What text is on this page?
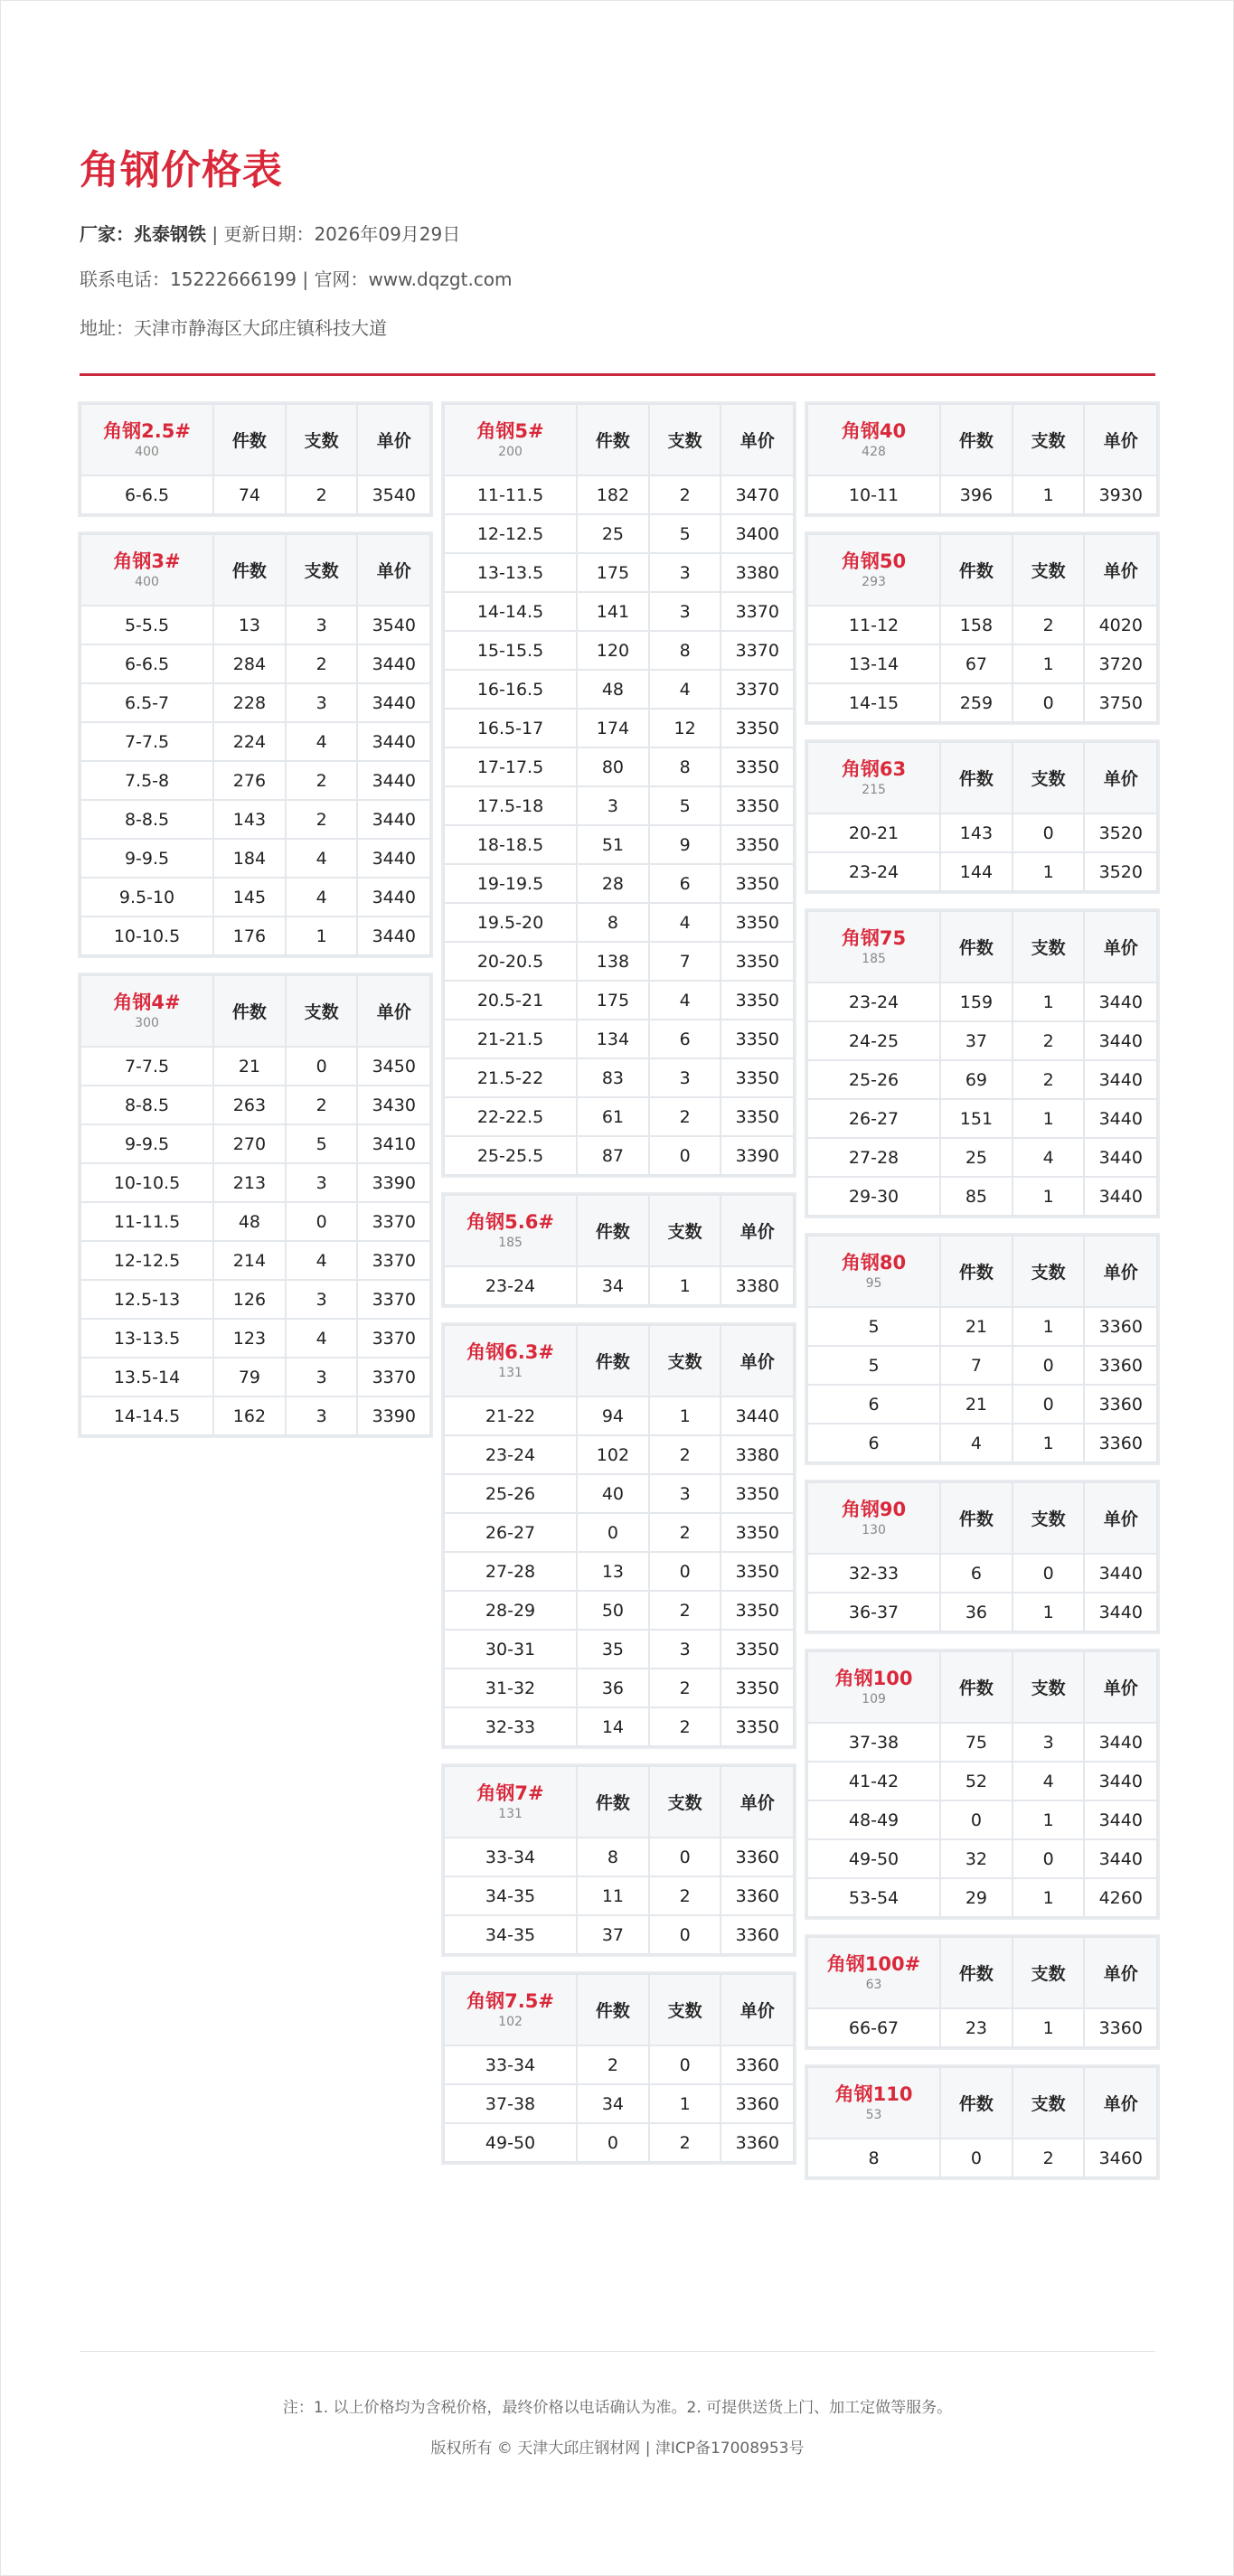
角钢价格表
厂家：兆泰钢铁 | 更新日期：2026年09月29日
联系电话：15222666199 | 官网：www.dqzgt.com
地址：天津市静海区大邱庄镇科技大道
角钢2.5#
400	件数	支数	单价
6-6.5	74	2	3540
角钢3#
400	件数	支数	单价
5-5.5	13	3	3540
6-6.5	284	2	3440
6.5-7	228	3	3440
7-7.5	224	4	3440
7.5-8	276	2	3440
8-8.5	143	2	3440
9-9.5	184	4	3440
9.5-10	145	4	3440
10-10.5	176	1	3440
角钢4#
300	件数	支数	单价
7-7.5	21	0	3450
8-8.5	263	2	3430
9-9.5	270	5	3410
10-10.5	213	3	3390
11-11.5	48	0	3370
12-12.5	214	4	3370
12.5-13	126	3	3370
13-13.5	123	4	3370
13.5-14	79	3	3370
14-14.5	162	3	3390
角钢5#
200	件数	支数	单价
11-11.5	182	2	3470
12-12.5	25	5	3400
13-13.5	175	3	3380
14-14.5	141	3	3370
15-15.5	120	8	3370
16-16.5	48	4	3370
16.5-17	174	12	3350
17-17.5	80	8	3350
17.5-18	3	5	3350
18-18.5	51	9	3350
19-19.5	28	6	3350
19.5-20	8	4	3350
20-20.5	138	7	3350
20.5-21	175	4	3350
21-21.5	134	6	3350
21.5-22	83	3	3350
22-22.5	61	2	3350
25-25.5	87	0	3390
角钢5.6#
185	件数	支数	单价
23-24	34	1	3380
角钢6.3#
131	件数	支数	单价
21-22	94	1	3440
23-24	102	2	3380
25-26	40	3	3350
26-27	0	2	3350
27-28	13	0	3350
28-29	50	2	3350
30-31	35	3	3350
31-32	36	2	3350
32-33	14	2	3350
角钢7#
131	件数	支数	单价
33-34	8	0	3360
34-35	11	2	3360
34-35	37	0	3360
角钢7.5#
102	件数	支数	单价
33-34	2	0	3360
37-38	34	1	3360
49-50	0	2	3360
角钢40
428	件数	支数	单价
10-11	396	1	3930
角钢50
293	件数	支数	单价
11-12	158	2	4020
13-14	67	1	3720
14-15	259	0	3750
角钢63
215	件数	支数	单价
20-21	143	0	3520
23-24	144	1	3520
角钢75
185	件数	支数	单价
23-24	159	1	3440
24-25	37	2	3440
25-26	69	2	3440
26-27	151	1	3440
27-28	25	4	3440
29-30	85	1	3440
角钢80
95	件数	支数	单价
5	21	1	3360
5	7	0	3360
6	21	0	3360
6	4	1	3360
角钢90
130	件数	支数	单价
32-33	6	0	3440
36-37	36	1	3440
角钢100
109	件数	支数	单价
37-38	75	3	3440
41-42	52	4	3440
48-49	0	1	3440
49-50	32	0	3440
53-54	29	1	4260
角钢100#
63	件数	支数	单价
66-67	23	1	3360
角钢110
53	件数	支数	单价
8	0	2	3460
注：1. 以上价格均为含税价格，最终价格以电话确认为准。2. 可提供送货上门、加工定做等服务。
版权所有 © 天津大邱庄钢材网 | 津ICP备17008953号
